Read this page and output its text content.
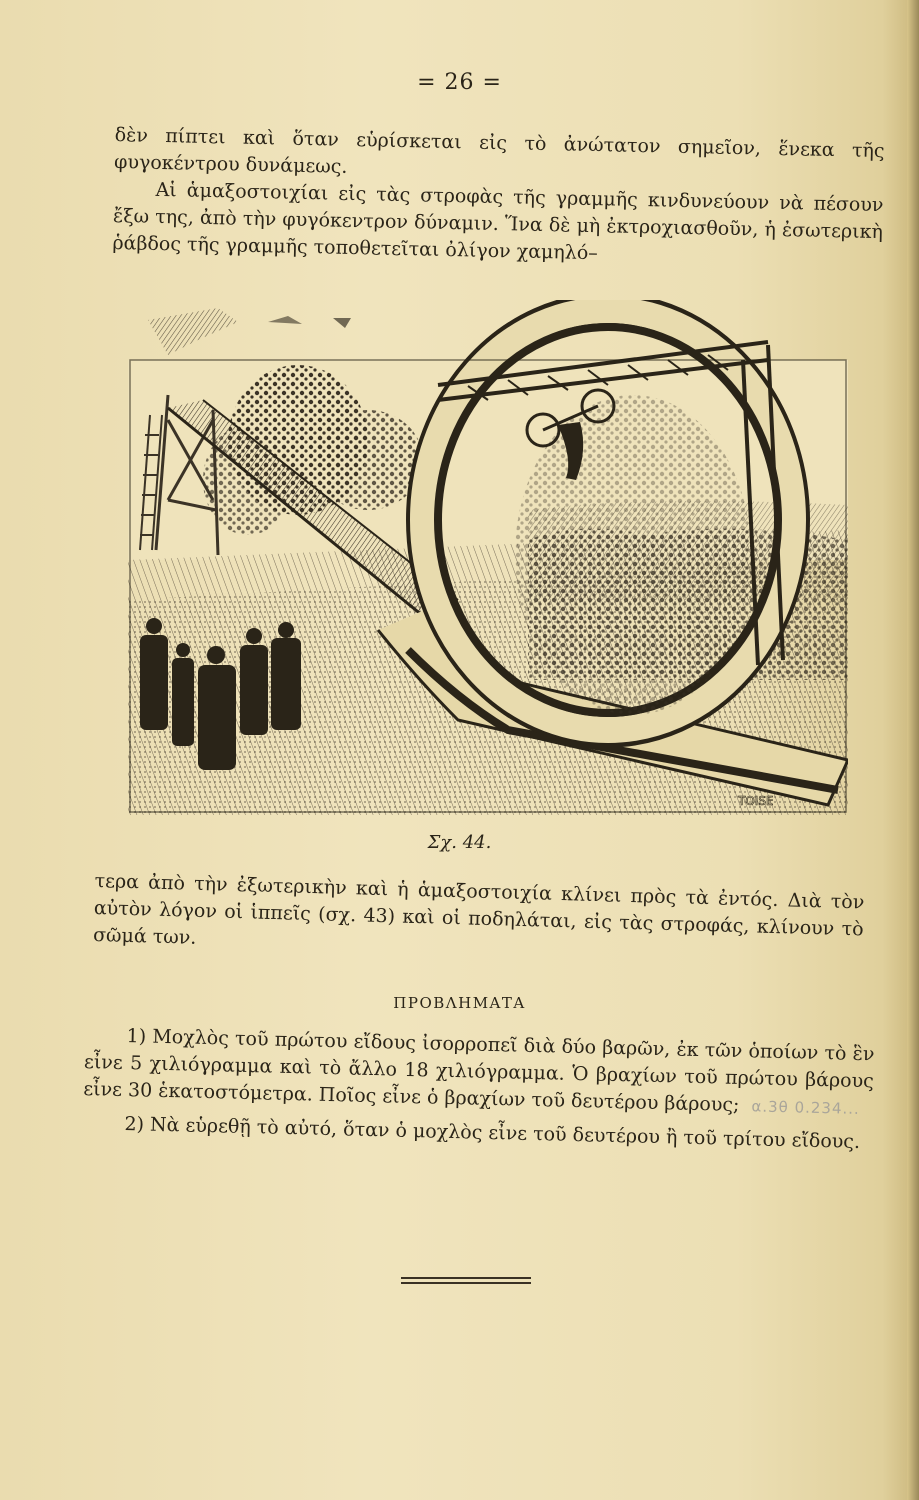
= 26 =

δὲν πίπτει καὶ ὅταν εὑρίσκεται εἰς τὸ ἀνώτατον σημεῖον, ἕνεκα τῆς φυγοκέντρου δυνάμεως.

Αἱ ἁμαξοστοιχίαι εἰς τὰς στροφὰς τῆς γραμμῆς κινδυνεύουν νὰ πέσουν ἔξω της, ἀπὸ τὴν φυγόκεντρον δύναμιν. Ἵνα δὲ μὴ ἐκτροχιασθοῦν, ἡ ἐσωτερικὴ ῥάβδος τῆς γραμμῆς τοποθετεῖται ὀλίγον χαμηλό–

TOISE
Σχ. 44.

τερα ἀπὸ τὴν ἐξωτερικὴν καὶ ἡ ἁμαξοστοιχία κλίνει πρὸς τὰ ἐντός. Διὰ τὸν αὐτὸν λόγον οἱ ἱππεῖς (σχ. 43) καὶ οἱ ποδηλάται, εἰς τὰς στροφάς, κλίνουν τὸ σῶμά των.

ΠΡΟΒΛΗΜΑΤΑ

1) Μοχλὸς τοῦ πρώτου εἴδους ἰσορροπεῖ διὰ δύο βαρῶν, ἐκ τῶν ὁποίων τὸ ἓν εἶνε 5 χιλιόγραμμα καὶ τὸ ἄλλο 18 χιλιόγραμμα. Ὁ βραχίων τοῦ πρώτου βάρους εἶνε 30 ἑκατοστόμετρα. Ποῖος εἶνε ὁ βραχίων τοῦ δευτέρου βάρους; α.3θ 0.234...

2) Νὰ εὑρεθῇ τὸ αὐτό, ὅταν ὁ μοχλὸς εἶνε τοῦ δευτέρου ἢ τοῦ τρίτου εἴδους.
